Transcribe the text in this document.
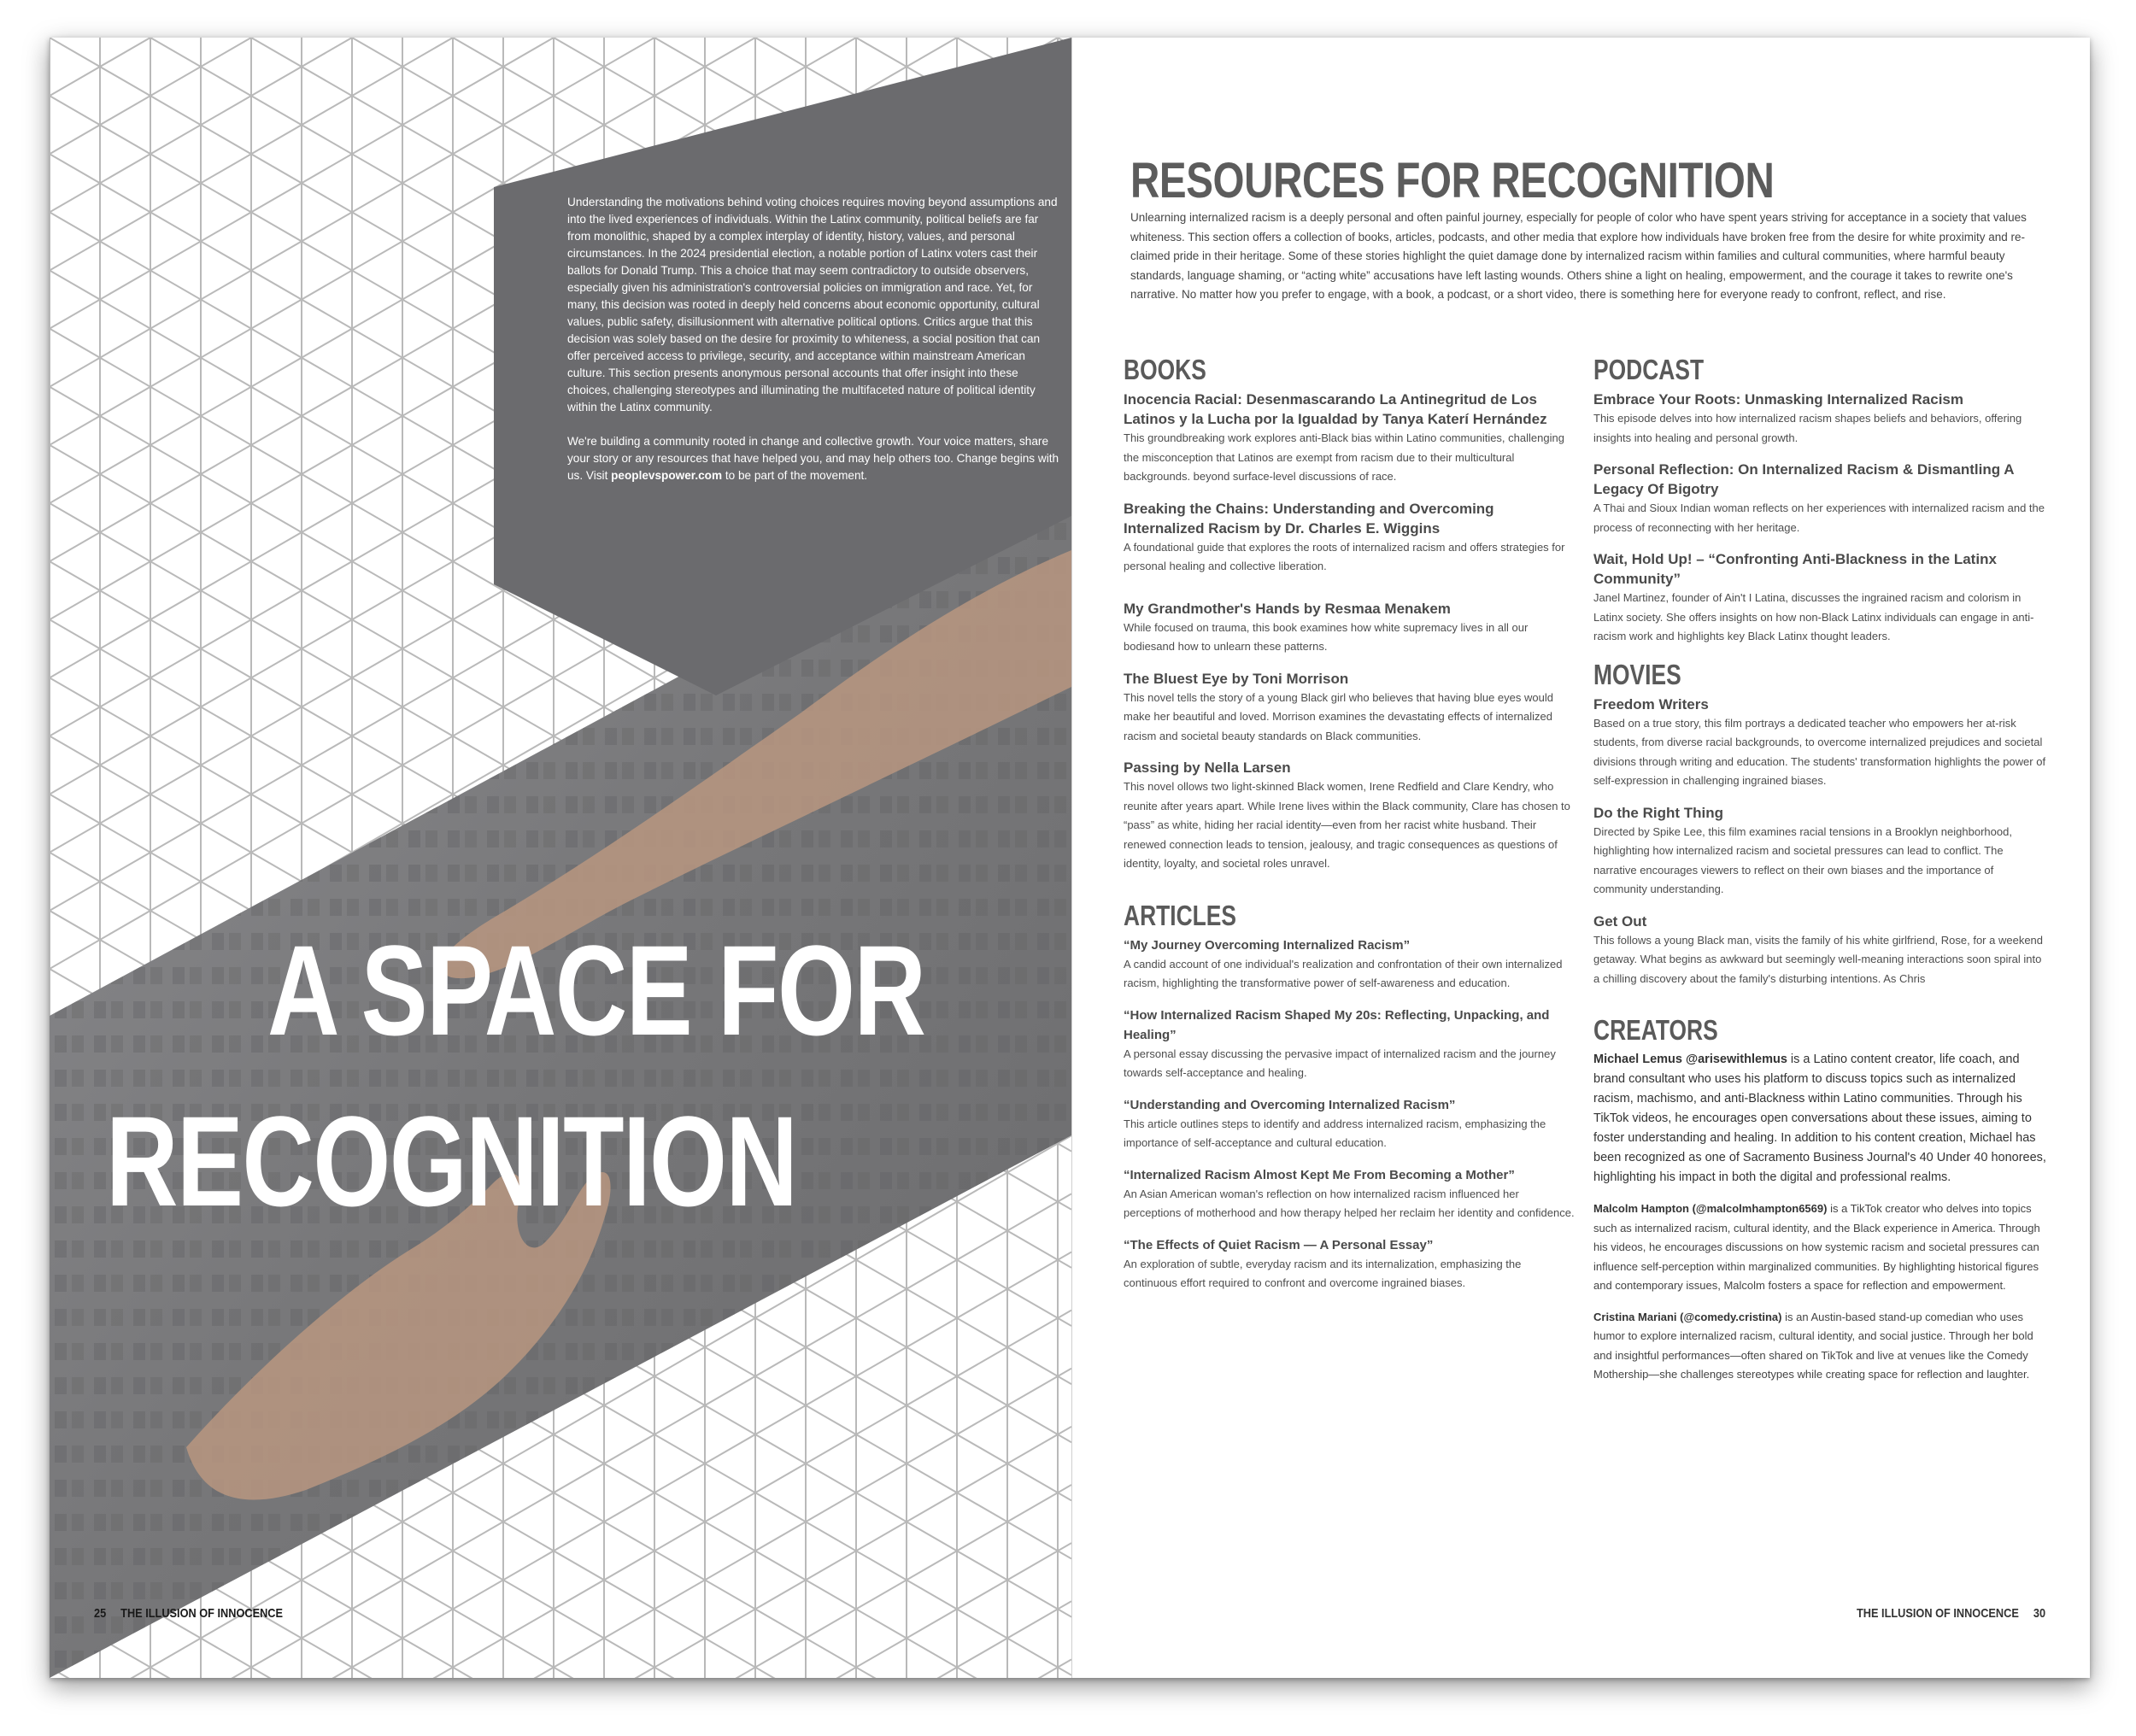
Understanding the motivations behind voting choices requires moving beyond assumptions and into the lived experiences of individuals. Within the Latinx community, political beliefs are far from monolithic, shaped by a complex interplay of identity, history, values, and personal circumstances. In the 2024 presidential election, a notable portion of Latinx voters cast their ballots for Donald Trump. This a choice that may seem contradictory to outside observers, especially given his administration's controversial policies on immigration and race. Yet, for many, this decision was rooted in deeply held concerns about economic opportunity, cultural values, public safety, disillusionment with alternative political options. Critics argue that this decision was solely based on the desire for proximity to whiteness, a social position that can offer perceived access to privilege, security, and acceptance within mainstream American culture. This section presents anonymous personal accounts that offer insight into these choices, challenging stereotypes and illuminating the multifaceted nature of political identity within the Latinx community.

We're building a community rooted in change and collective growth. Your voice matters, share your story or any resources that have helped you, and may help others too. Change begins with us. Visit peoplevspower.com to be part of the movement.

A SPACE FOR
RECOGNITION
25 THE ILLUSION OF INNOCENCE
RESOURCES FOR RECOGNITION
Unlearning internalized racism is a deeply personal and often painful journey, especially for people of color who have spent years striving for acceptance in a society that values whiteness. This section offers a collection of books, articles, podcasts, and other media that explore how individuals have broken free from the desire for white proximity and re-claimed pride in their heritage. Some of these stories highlight the quiet damage done by internalized racism within families and cultural communities, where harmful beauty standards, language shaming, or “acting white” accusations have left lasting wounds. Others shine a light on healing, empowerment, and the courage it takes to rewrite one's narrative. No matter how you prefer to engage, with a book, a podcast, or a short video, there is something here for everyone ready to confront, reflect, and rise.
BOOKS
Inocencia Racial: Desenmascarando La Antinegritud de Los Latinos y la Lucha por la Igualdad by Tanya Katerí Hernández
This groundbreaking work explores anti-Black bias within Latino communities, challenging the misconception that Latinos are exempt from racism due to their multicultural backgrounds. beyond surface-level discussions of race.
Breaking the Chains: Understanding and Overcoming Internalized Racism by Dr. Charles E. Wiggins
A foundational guide that explores the roots of internalized racism and offers strategies for personal healing and collective liberation.
My Grandmother's Hands by Resmaa Menakem
While focused on trauma, this book examines how white supremacy lives in all our bodiesand how to unlearn these patterns.
The Bluest Eye by Toni Morrison
This novel tells the story of a young Black girl who believes that having blue eyes would make her beautiful and loved. Morrison examines the devastating effects of internalized racism and societal beauty standards on Black communities.
Passing by Nella Larsen
This novel ollows two light-skinned Black women, Irene Redfield and Clare Kendry, who reunite after years apart. While Irene lives within the Black community, Clare has chosen to “pass” as white, hiding her racial identity—even from her racist white husband. Their renewed connection leads to tension, jealousy, and tragic consequences as questions of identity, loyalty, and societal roles unravel.
ARTICLES
“My Journey Overcoming Internalized Racism”
A candid account of one individual's realization and confrontation of their own internalized racism, highlighting the transformative power of self-awareness and education.
“How Internalized Racism Shaped My 20s: Reflecting, Unpacking, and Healing”
A personal essay discussing the pervasive impact of internalized racism and the journey towards self-acceptance and healing.
“Understanding and Overcoming Internalized Racism”
This article outlines steps to identify and address internalized racism, emphasizing the importance of self-acceptance and cultural education.
“Internalized Racism Almost Kept Me From Becoming a Mother”
An Asian American woman's reflection on how internalized racism influenced her perceptions of motherhood and how therapy helped her reclaim her identity and confidence.
“The Effects of Quiet Racism — A Personal Essay”
An exploration of subtle, everyday racism and its internalization, emphasizing the continuous effort required to confront and overcome ingrained biases.
PODCAST
Embrace Your Roots: Unmasking Internalized Racism
This episode delves into how internalized racism shapes beliefs and behaviors, offering insights into healing and personal growth.
Personal Reflection: On Internalized Racism & Dismantling A Legacy Of Bigotry
A Thai and Sioux Indian woman reflects on her experiences with internalized racism and the process of reconnecting with her heritage.
Wait, Hold Up! – “Confronting Anti-Blackness in the Latinx Community”
Janel Martinez, founder of Ain't I Latina, discusses the ingrained racism and colorism in Latinx society. She offers insights on how non-Black Latinx individuals can engage in anti-racism work and highlights key Black Latinx thought leaders.
MOVIES
Freedom Writers
Based on a true story, this film portrays a dedicated teacher who empowers her at-risk students, from diverse racial backgrounds, to overcome internalized prejudices and societal divisions through writing and education. The students' transformation highlights the power of self-expression in challenging ingrained biases.
Do the Right Thing
Directed by Spike Lee, this film examines racial tensions in a Brooklyn neighborhood, highlighting how internalized racism and societal pressures can lead to conflict. The narrative encourages viewers to reflect on their own biases and the importance of community understanding.
Get Out
This follows a young Black man, visits the family of his white girlfriend, Rose, for a weekend getaway. What begins as awkward but seemingly well-meaning interactions soon spiral into a chilling discovery about the family's disturbing intentions. As Chris
CREATORS
Michael Lemus @arisewithlemus is a Latino content creator, life coach, and brand consultant who uses his platform to discuss topics such as internalized racism, machismo, and anti-Blackness within Latino communities. Through his TikTok videos, he encourages open conversations about these issues, aiming to foster understanding and healing. In addition to his content creation, Michael has been recognized as one of Sacramento Business Journal's 40 Under 40 honorees, highlighting his impact in both the digital and professional realms.
Malcolm Hampton (@malcolmhampton6569) is a TikTok creator who delves into topics such as internalized racism, cultural identity, and the Black experience in America. Through his videos, he encourages discussions on how systemic racism and societal pressures can influence self-perception within marginalized communities. By highlighting historical figures and contemporary issues, Malcolm fosters a space for reflection and empowerment.
Cristina Mariani (@comedy.cristina) is an Austin-based stand-up comedian who uses humor to explore internalized racism, cultural identity, and social justice. Through her bold and insightful performances—often shared on TikTok and live at venues like the Comedy Mothership—she challenges stereotypes while creating space for reflection and laughter.
THE ILLUSION OF INNOCENCE 30
